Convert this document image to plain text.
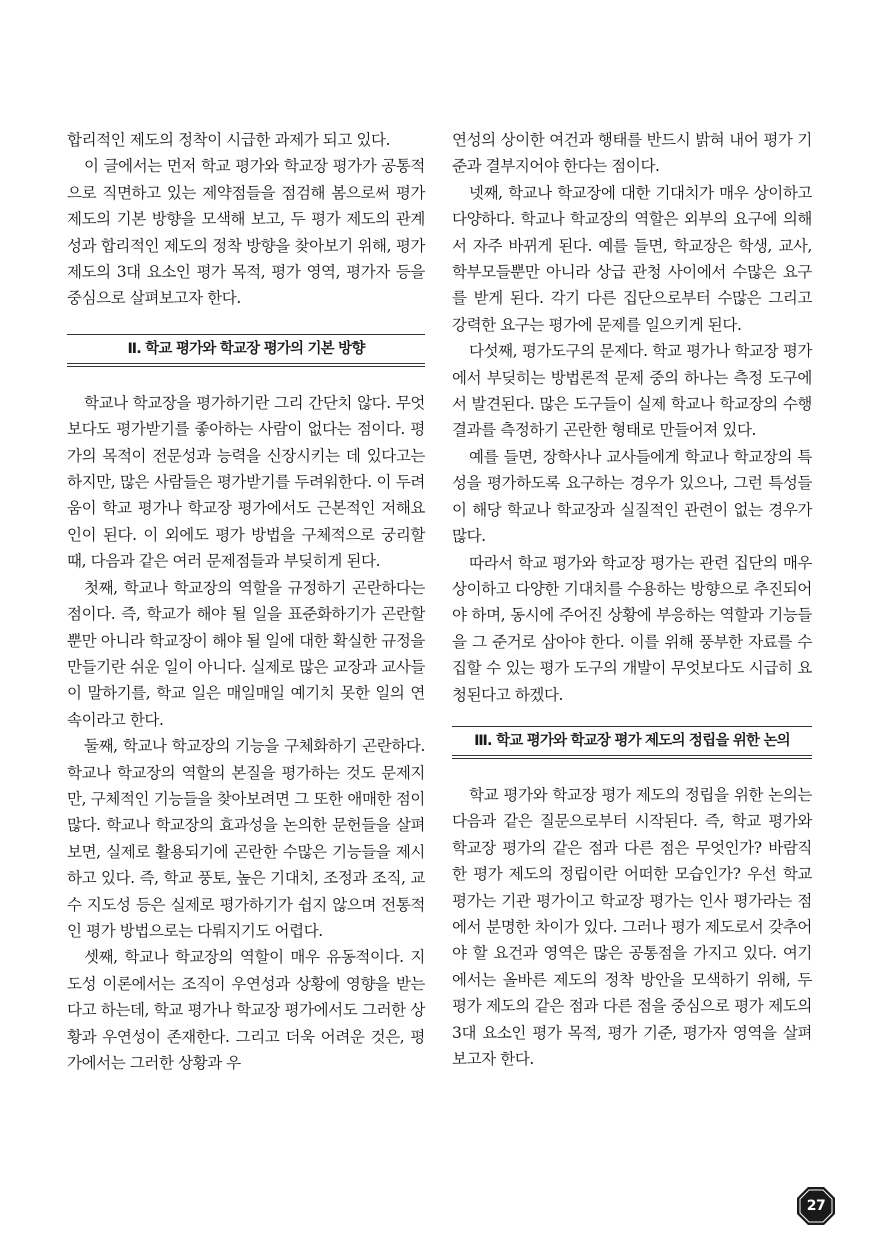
합리적인 제도의 정착이 시급한 과제가 되고 있다.

이 글에서는 먼저 학교 평가와 학교장 평가가 공통적으로 직면하고 있는 제약점들을 점검해 봄으로써 평가 제도의 기본 방향을 모색해 보고, 두 평가 제도의 관계성과 합리적인 제도의 정착 방향을 찾아보기 위해, 평가 제도의 3대 요소인 평가 목적, 평가 영역, 평가자 등을 중심으로 살펴보고자 한다.

Ⅱ. 학교 평가와 학교장 평가의 기본 방향

학교나 학교장을 평가하기란 그리 간단치 않다. 무엇보다도 평가받기를 좋아하는 사람이 없다는 점이다. 평가의 목적이 전문성과 능력을 신장시키는 데 있다고는 하지만, 많은 사람들은 평가받기를 두려워한다. 이 두려움이 학교 평가나 학교장 평가에서도 근본적인 저해요인이 된다. 이 외에도 평가 방법을 구체적으로 궁리할 때, 다음과 같은 여러 문제점들과 부딪히게 된다.

첫째, 학교나 학교장의 역할을 규정하기 곤란하다는 점이다. 즉, 학교가 해야 될 일을 표준화하기가 곤란할 뿐만 아니라 학교장이 해야 될 일에 대한 확실한 규정을 만들기란 쉬운 일이 아니다. 실제로 많은 교장과 교사들이 말하기를, 학교 일은 매일매일 예기치 못한 일의 연속이라고 한다.

둘째, 학교나 학교장의 기능을 구체화하기 곤란하다. 학교나 학교장의 역할의 본질을 평가하는 것도 문제지만, 구체적인 기능들을 찾아보려면 그 또한 애매한 점이 많다. 학교나 학교장의 효과성을 논의한 문헌들을 살펴보면, 실제로 활용되기에 곤란한 수많은 기능들을 제시하고 있다. 즉, 학교 풍토, 높은 기대치, 조정과 조직, 교수 지도성 등은 실제로 평가하기가 쉽지 않으며 전통적인 평가 방법으로는 다뤄지기도 어렵다.

셋째, 학교나 학교장의 역할이 매우 유동적이다. 지도성 이론에서는 조직이 우연성과 상황에 영향을 받는다고 하는데, 학교 평가나 학교장 평가에서도 그러한 상황과 우연성이 존재한다. 그리고 더욱 어려운 것은, 평가에서는 그러한 상황과 우

연성의 상이한 여건과 행태를 반드시 밝혀 내어 평가 기준과 결부지어야 한다는 점이다.

넷째, 학교나 학교장에 대한 기대치가 매우 상이하고 다양하다. 학교나 학교장의 역할은 외부의 요구에 의해서 자주 바뀌게 된다. 예를 들면, 학교장은 학생, 교사, 학부모들뿐만 아니라 상급 관청 사이에서 수많은 요구를 받게 된다. 각기 다른 집단으로부터 수많은 그리고 강력한 요구는 평가에 문제를 일으키게 된다.

다섯째, 평가도구의 문제다. 학교 평가나 학교장 평가에서 부딪히는 방법론적 문제 중의 하나는 측정 도구에서 발견된다. 많은 도구들이 실제 학교나 학교장의 수행 결과를 측정하기 곤란한 형태로 만들어져 있다.

예를 들면, 장학사나 교사들에게 학교나 학교장의 특성을 평가하도록 요구하는 경우가 있으나, 그런 특성들이 해당 학교나 학교장과 실질적인 관련이 없는 경우가 많다.

따라서 학교 평가와 학교장 평가는 관련 집단의 매우 상이하고 다양한 기대치를 수용하는 방향으로 추진되어야 하며, 동시에 주어진 상황에 부응하는 역할과 기능들을 그 준거로 삼아야 한다. 이를 위해 풍부한 자료를 수집할 수 있는 평가 도구의 개발이 무엇보다도 시급히 요청된다고 하겠다.

Ⅲ. 학교 평가와 학교장 평가 제도의 정립을 위한 논의

학교 평가와 학교장 평가 제도의 정립을 위한 논의는 다음과 같은 질문으로부터 시작된다. 즉, 학교 평가와 학교장 평가의 같은 점과 다른 점은 무엇인가? 바람직한 평가 제도의 정립이란 어떠한 모습인가? 우선 학교 평가는 기관 평가이고 학교장 평가는 인사 평가라는 점에서 분명한 차이가 있다. 그러나 평가 제도로서 갖추어야 할 요건과 영역은 많은 공통점을 가지고 있다. 여기에서는 올바른 제도의 정착 방안을 모색하기 위해, 두 평가 제도의 같은 점과 다른 점을 중심으로 평가 제도의 3대 요소인 평가 목적, 평가 기준, 평가자 영역을 살펴보고자 한다.

27
